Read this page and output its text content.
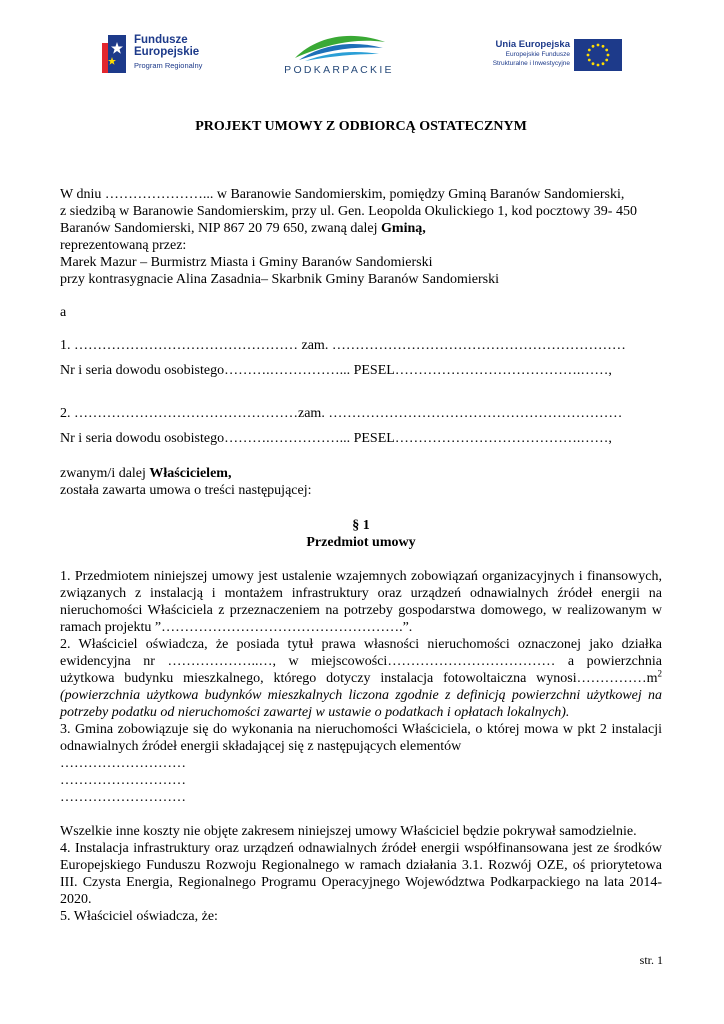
Fundusze
Europejskie
Program Regionalny	PODKARPACKIE
Unia Europejska
Europejskie Fundusze
Strukturalne i Inwestycyjne

PROJEKT UMOWY Z ODBIORCĄ OSTATECZNYM

W dniu …………………... w Baranowie Sandomierskim, pomiędzy Gminą Baranów Sandomierski,

z siedzibą w Baranowie Sandomierskim, przy ul. Gen. Leopolda Okulickiego 1, kod pocztowy 39- 450

Baranów Sandomierski, NIP 867 20 79 650, zwaną dalej Gminą,

reprezentowaną przez:

Marek Mazur – Burmistrz Miasta i Gminy Baranów Sandomierski

przy kontrasygnacie Alina Zasadnia– Skarbnik Gminy Baranów Sandomierski

a

1. ………………………………………… zam. ………………………………………………………

Nr i seria dowodu osobistego……….……………... PESEL………………………………….……,

2. …………………………………………zam. ………………………………………………………

Nr i seria dowodu osobistego……….……………... PESEL………………………………….……,

zwanym/i dalej Właścicielem,

została zawarta umowa o treści następującej:

§ 1

Przedmiot umowy

1. Przedmiotem niniejszej umowy jest ustalenie wzajemnych zobowiązań organizacyjnych i finansowych, związanych z instalacją i montażem infrastruktury oraz urządzeń odnawialnych źródeł energii na nieruchomości Właściciela z przeznaczeniem na potrzeby gospodarstwa domowego, w realizowanym w ramach projektu ”…………………………………………….”.

2. Właściciel oświadcza, że posiada tytuł prawa własności nieruchomości oznaczonej jako działka ewidencyjna nr ………………..…, w miejscowości……………………………… a powierzchnia użytkowa budynku mieszkalnego, którego dotyczy instalacja fotowoltaiczna $wynosi\dots\dots\dots\dots\dots m^2$ (powierzchnia użytkowa budynków mieszkalnych liczona zgodnie z definicją powierzchni użytkowej na potrzeby podatku od nieruchomości zawartej w ustawie o podatkach i opłatach lokalnych).

3. Gmina zobowiązuje się do wykonania na nieruchomości Właściciela, o której mowa w pkt 2 instalacji odnawialnych źródeł energii składającej się z następujących elementów

………………………

………………………

………………………

Wszelkie inne koszty nie objęte zakresem niniejszej umowy Właściciel będzie pokrywał samodzielnie.

4. Instalacja infrastruktury oraz urządzeń odnawialnych źródeł energii współfinansowana jest ze środków Europejskiego Funduszu Rozwoju Regionalnego w ramach działania 3.1. Rozwój OZE, oś priorytetowa III. Czysta Energia, Regionalnego Programu Operacyjnego Województwa Podkarpackiego na lata 2014-2020.

5. Właściciel oświadcza, że:

str. 1
